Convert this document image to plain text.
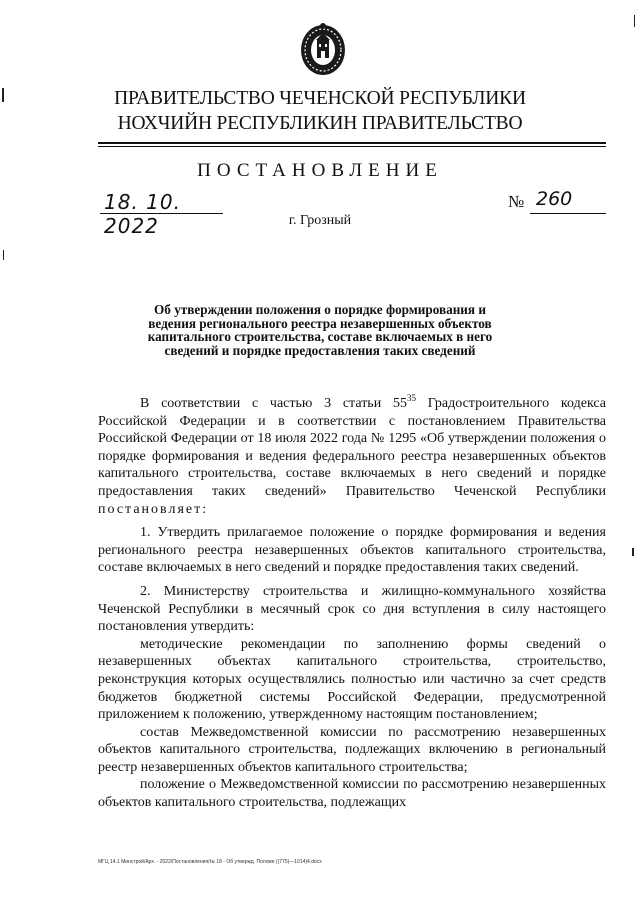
ПРАВИТЕЛЬСТВО ЧЕЧЕНСКОЙ РЕСПУБЛИКИ
НОХЧИЙН РЕСПУБЛИКИН ПРАВИТЕЛЬСТВО
ПОСТАНОВЛЕНИЕ
18. 10. 2022
№ 260
г. Грозный
Об утверждении положения о порядке формирования и ведения регионального реестра незавершенных объектов капитального строительства, составе включаемых в него сведений и порядке предоставления таких сведений

В соответствии с частью 3 статьи $55^{35}$ Градостроительного кодекса Российской Федерации и в соответствии с постановлением Правительства Российской Федерации от 18 июля 2022 года № 1295 «Об утверждении положения о порядке формирования и ведения федерального реестра незавершенных объектов капитального строительства, составе включаемых в него сведений и порядке предоставления таких сведений» Правительство Чеченской Республики постановляет:

1. Утвердить прилагаемое положение о порядке формирования и ведения регионального реестра незавершенных объектов капитального строительства, составе включаемых в него сведений и порядке предоставления таких сведений.

2. Министерству строительства и жилищно-коммунального хозяйства Чеченской Республики в месячный срок со дня вступления в силу настоящего постановления утвердить:

методические рекомендации по заполнению формы сведений о незавершенных объектах капитального строительства, строительство, реконструкция которых осуществлялись полностью или частично за счет средств бюджетов бюджетной системы Российской Федерации, предусмотренной приложением к положению, утвержденному настоящим постановлением;

состав Межведомственной комиссии по рассмотрению незавершенных объектов капитального строительства, подлежащих включению в региональный реестр незавершенных объектов капитального строительства;

положение о Межведомственной комиссии по рассмотрению незавершенных объектов капитального строительства, подлежащих

МГЦ 14.1 Минстрой/Арх. - 2022/Постановления/№ 18 - Об утвержд. Положе ((775)—1014)4.docx
